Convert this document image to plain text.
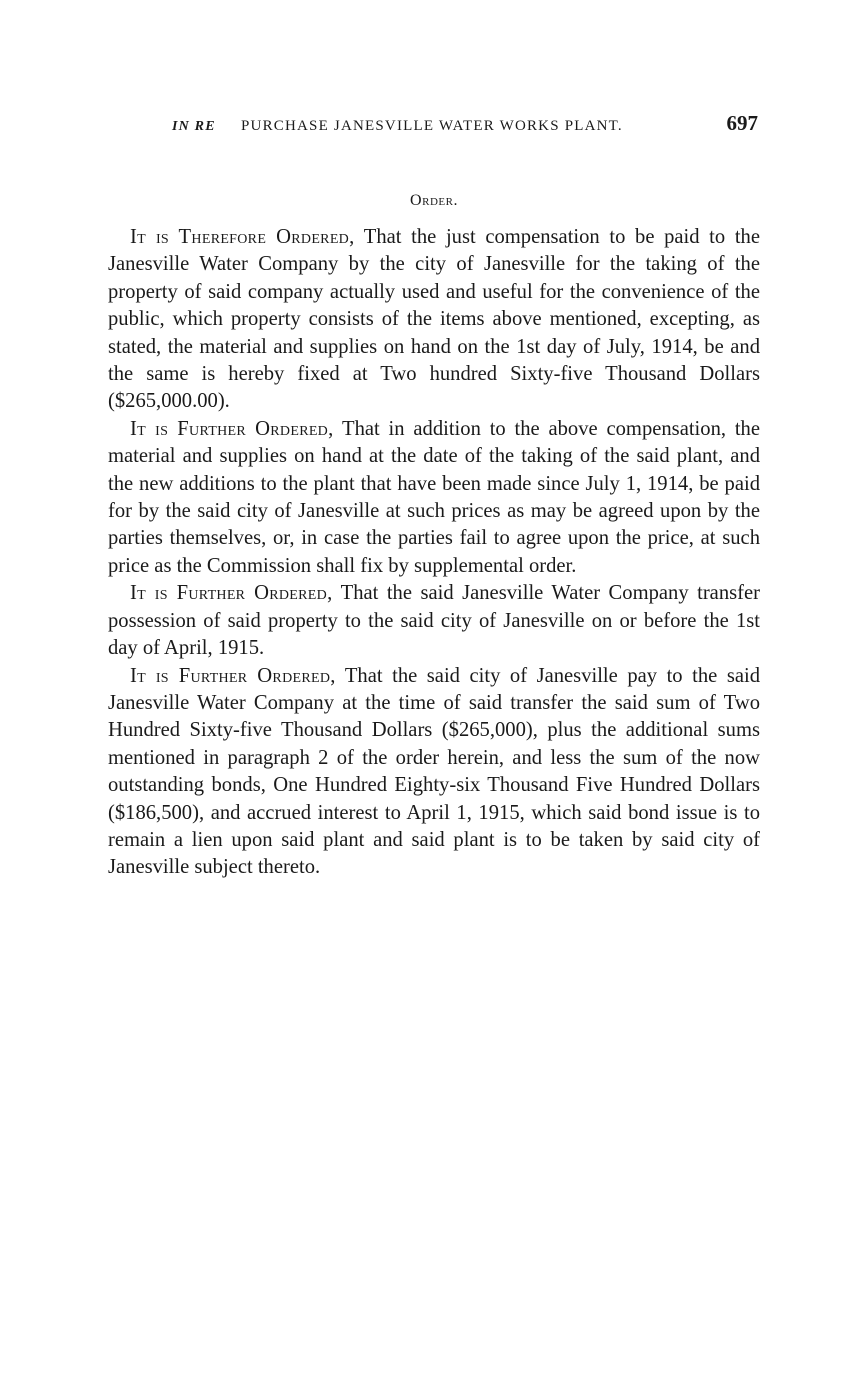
IN RE PURCHASE JANESVILLE WATER WORKS PLANT.	697
Order.

It is Therefore Ordered, That the just compensation to be paid to the Janesville Water Company by the city of Janesville for the taking of the property of said company actually used and useful for the convenience of the public, which property consists of the items above mentioned, excepting, as stated, the material and supplies on hand on the 1st day of July, 1914, be and the same is hereby fixed at Two hundred Sixty-five Thousand Dollars ($265,000.00).

It is Further Ordered, That in addition to the above compensation, the material and supplies on hand at the date of the taking of the said plant, and the new additions to the plant that have been made since July 1, 1914, be paid for by the said city of Janesville at such prices as may be agreed upon by the parties themselves, or, in case the parties fail to agree upon the price, at such price as the Commission shall fix by supplemental order.

It is Further Ordered, That the said Janesville Water Company transfer possession of said property to the said city of Janesville on or before the 1st day of April, 1915.

It is Further Ordered, That the said city of Janesville pay to the said Janesville Water Company at the time of said transfer the said sum of Two Hundred Sixty-five Thousand Dollars ($265,000), plus the additional sums mentioned in paragraph 2 of the order herein, and less the sum of the now outstanding bonds, One Hundred Eighty-six Thousand Five Hundred Dollars ($186,500), and accrued interest to April 1, 1915, which said bond issue is to remain a lien upon said plant and said plant is to be taken by said city of Janesville subject thereto.
